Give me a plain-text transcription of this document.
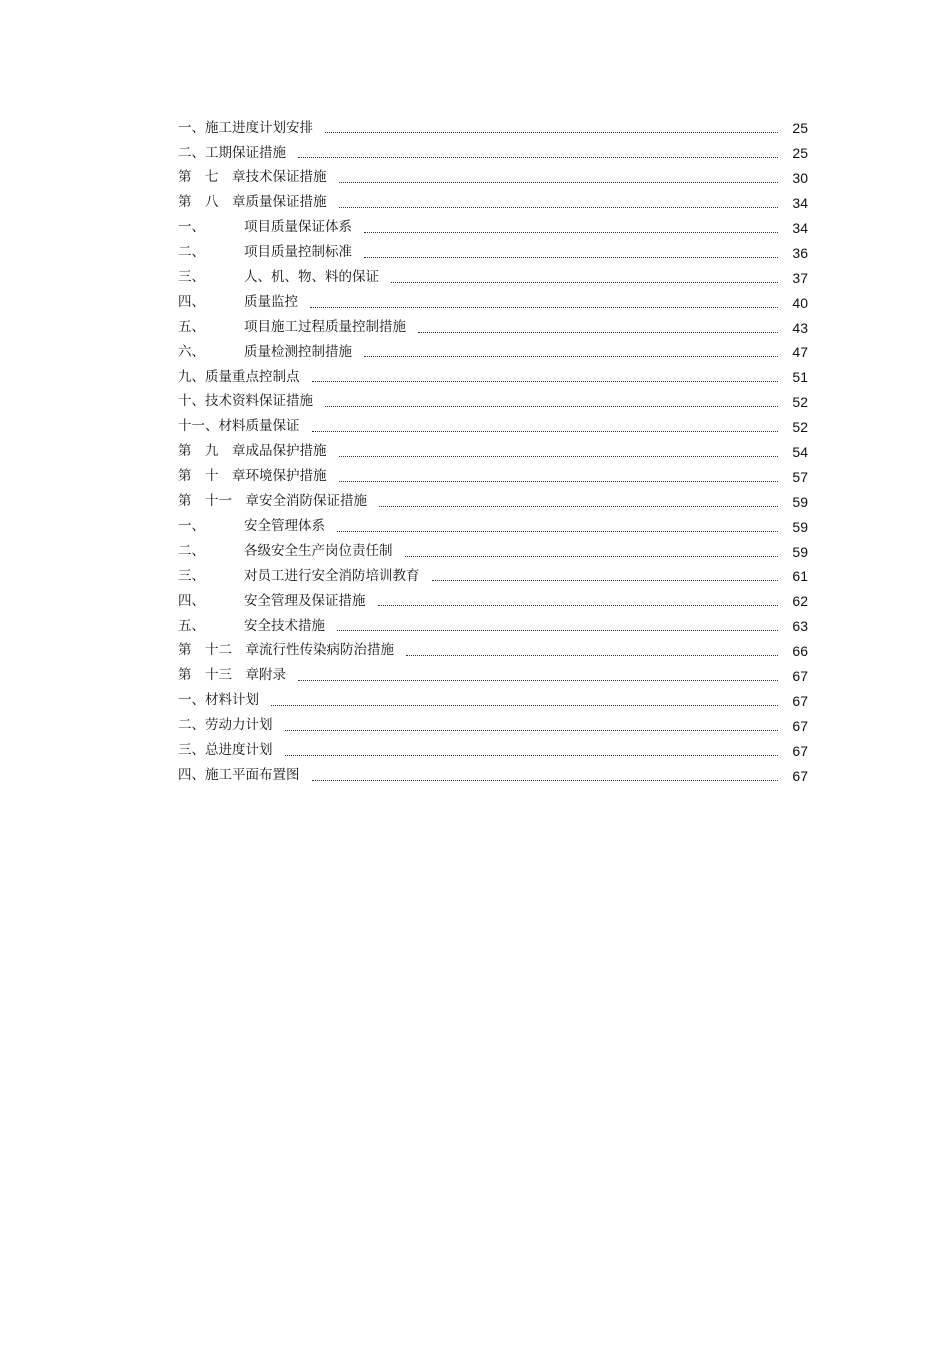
一、 施工进度计划安排	25
二、 工期保证措施	25
第　七　章 技术保证措施	30
第　八　章 质量保证措施	34
一、	项目质量保证体系	34
二、	项目质量控制标准	36
三、	人、机、物、料的保证	37
四、	质量监控	40
五、	项目施工过程质量控制措施	43
六、	质量检测控制措施	47
九、 质量重点控制点	51
十、 技术资料保证措施	52
十一、 材料质量保证	52
第　九　章 成品保护措施	54
第　十　章 环境保护措施	57
第　十一　章 安全消防保证措施	59
一、	安全管理体系	59
二、	各级安全生产岗位责任制	59
三、	对员工进行安全消防培训教育	61
四、	安全管理及保证措施	62
五、	安全技术措施	63
第　十二　章 流行性传染病防治措施	66
第　十三　章 附录	67
一、 材料计划	67
二、 劳动力计划	67
三、 总进度计划	67
四、 施工平面布置图	67
